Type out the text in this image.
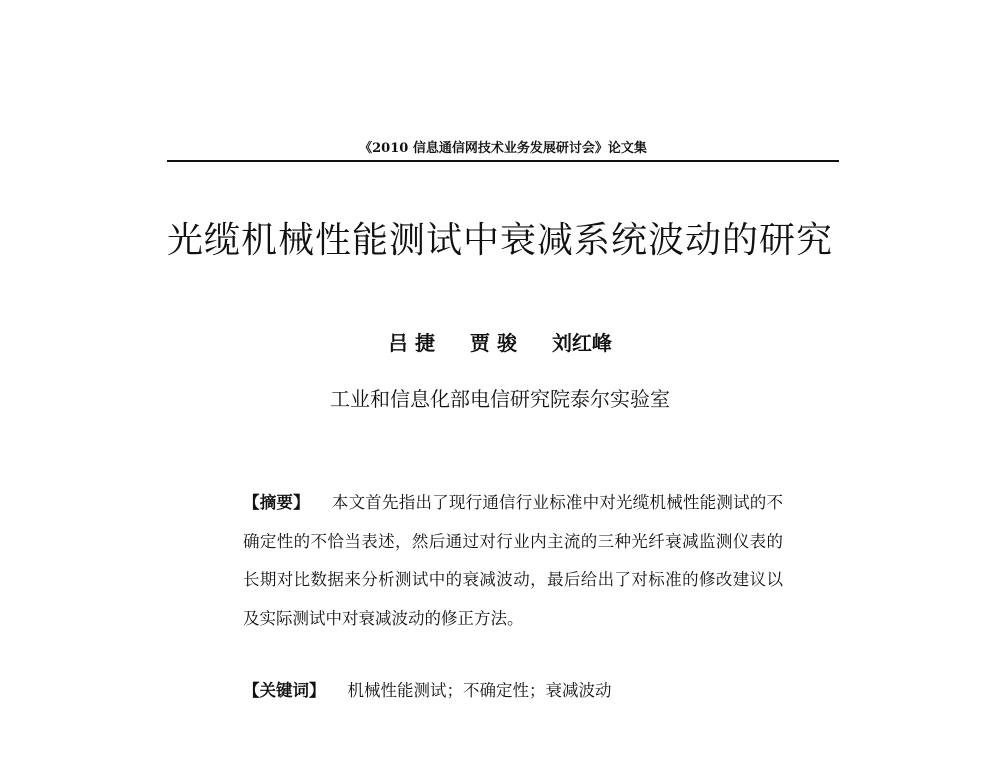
《2010 信息通信网技术业务发展研讨会》论文集
光缆机械性能测试中衰减系统波动的研究
吕 捷 贾 骏 刘红峰
工业和信息化部电信研究院泰尔实验室
【摘要】 本文首先指出了现行通信行业标准中对光缆机械性能测试的不确定性的不恰当表述，然后通过对行业内主流的三种光纤衰减监测仪表的长期对比数据来分析测试中的衰减波动，最后给出了对标准的修改建议以及实际测试中对衰减波动的修正方法。
【关键词】 机械性能测试；不确定性；衰减波动
